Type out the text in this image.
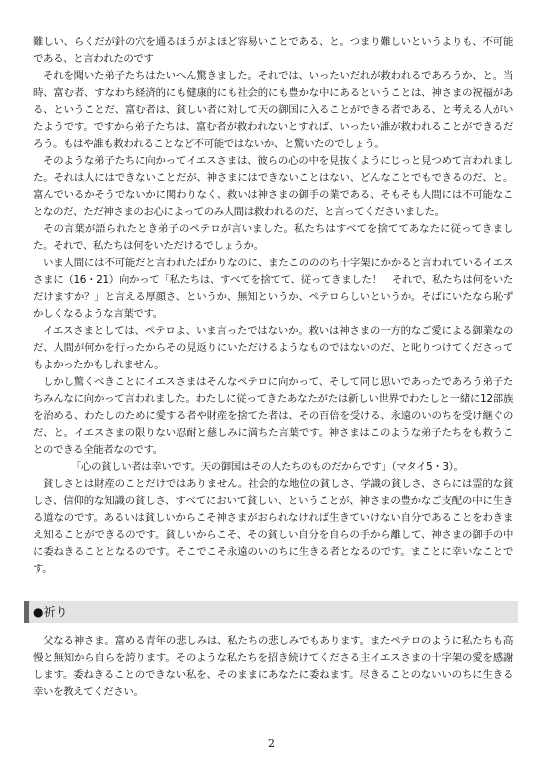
難しい、らくだが針の穴を通るほうがよほど容易いことである、と。つまり難しいというよりも、不可能である、と言われたのです

それを聞いた弟子たちはたいへん驚きました。それでは、いったいだれが救われるであろうか、と。当時、富む者、すなわち経済的にも健康的にも社会的にも豊かな中にあるということは、神さまの祝福がある、ということだ、富む者は、貧しい者に対して天の御国に入ることができる者である、と考える人がいたようです。ですから弟子たちは、富む者が救われないとすれば、いったい誰が救われることができるだろう。もはや誰も救われることなど不可能ではないか、と驚いたのでしょう。

そのような弟子たちに向かってイエスさまは、彼らの心の中を見抜くようにじっと見つめて言われました。それは人にはできないことだが、神さまにはできないことはない、どんなことでもできるのだ、と。富んでいるかそうでないかに関わりなく、救いは神さまの御手の業である、そもそも人間には不可能なことなのだ、ただ神さまのお心によってのみ人間は救われるのだ、と言ってくださいました。

その言葉が語られたとき弟子のペテロが言いました。私たちはすべてを捨ててあなたに従ってきました。それで、私たちは何をいただけるでしょうか。

いま人間には不可能だと言われたばかりなのに、またこのののち十字架にかかると言われているイエスさまに（16・21）向かって「私たちは、すべてを捨てて、従ってきました！　それで、私たちは何をいただけますか？」と言える厚顔さ、というか、無知というか、ペテロらしいというか。そばにいたなら恥ずかしくなるような言葉です。

イエスさまとしては、ペテロよ、いま言ったではないか。救いは神さまの一方的なご愛による御業なのだ、人間が何かを行ったからその見返りにいただけるようなものではないのだ、と叱りつけてくださってもよかったかもしれません。

しかし驚くべきことにイエスさまはそんなペテロに向かって、そして同じ思いであったであろう弟子たちみんなに向かって言われました。わたしに従ってきたあなたがたは新しい世界でわたしと一緒に12部族を治める、わたしのために愛する者や財産を捨てた者は、その百倍を受ける、永遠のいのちを受け継ぐのだ、と。イエスさまの限りない忍耐と慈しみに満ちた言葉です。神さまはこのような弟子たちをも救うことのできる全能者なのです。

「心の貧しい者は幸いです。天の御国はその人たちのものだからです」（マタイ5・3）。

貧しさとは財産のことだけではありません。社会的な地位の貧しさ、学識の貧しさ、さらには霊的な貧しさ、信仰的な知識の貧しさ、すべてにおいて貧しい、ということが、神さまの豊かなご支配の中に生きる道なのです。あるいは貧しいからこそ神さまがおられなければ生きていけない自分であることをわきまえ知ることができるのです。貧しいからこそ、その貧しい自分を自らの手から離して、神さまの御手の中に委ねきることとなるのです。そこでこそ永遠のいのちに生きる者となるのです。まことに幸いなことです。

●祈り

父なる神さま。富める青年の悲しみは、私たちの悲しみでもあります。またペテロのように私たちも高慢と無知から自らを誇ります。そのような私たちを招き続けてくださる主イエスさまの十字架の愛を感謝します。委ねきることのできない私を、そのままにあなたに委ねます。尽きることのないいのちに生きる幸いを教えてください。

2
